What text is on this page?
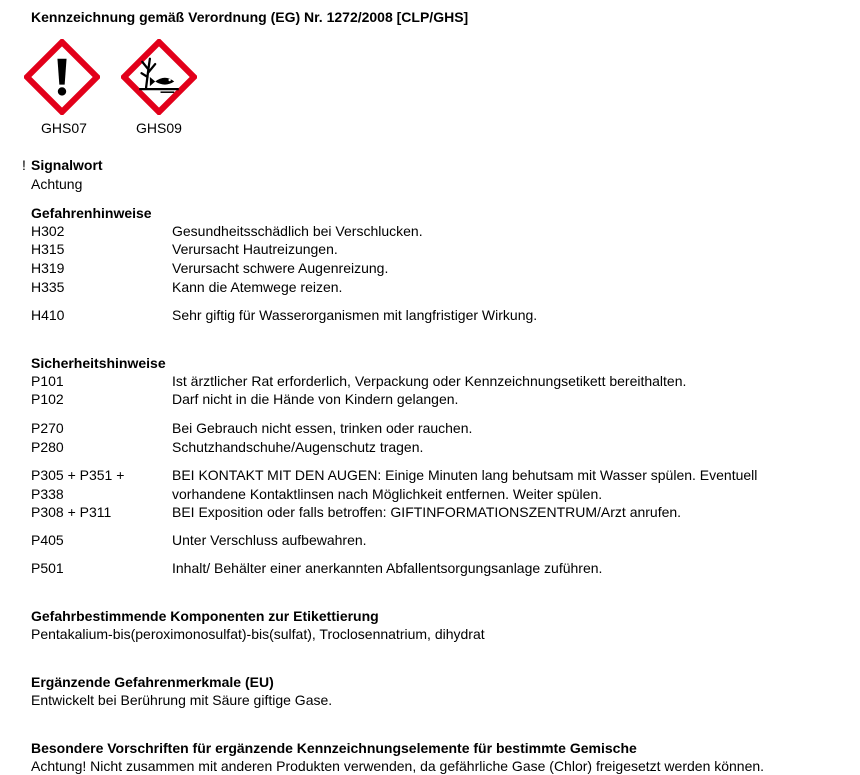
Kennzeichnung gemäß Verordnung (EG) Nr. 1272/2008 [CLP/GHS]
GHS07	GHS09
! Signalwort
Achtung
Gefahrenhinweise
H302	Gesundheitsschädlich bei Verschlucken.
H315	Verursacht Hautreizungen.
H319	Verursacht schwere Augenreizung.
H335	Kann die Atemwege reizen.
H410	Sehr giftig für Wasserorganismen mit langfristiger Wirkung.
Sicherheitshinweise
P101	Ist ärztlicher Rat erforderlich, Verpackung oder Kennzeichnungsetikett bereithalten.
P102	Darf nicht in die Hände von Kindern gelangen.
P270	Bei Gebrauch nicht essen, trinken oder rauchen.
P280	Schutzhandschuhe/Augenschutz tragen.
P305 + P351 +	BEI KONTAKT MIT DEN AUGEN: Einige Minuten lang behutsam mit Wasser spülen. Eventuell
P338	vorhandene Kontaktlinsen nach Möglichkeit entfernen. Weiter spülen.
P308 + P311	BEI Exposition oder falls betroffen: GIFTINFORMATIONSZENTRUM/Arzt anrufen.
P405	Unter Verschluss aufbewahren.
P501	Inhalt/ Behälter einer anerkannten Abfallentsorgungsanlage zuführen.
Gefahrbestimmende Komponenten zur Etikettierung
Pentakalium-bis(peroximonosulfat)-bis(sulfat), Troclosennatrium, dihydrat
Ergänzende Gefahrenmerkmale (EU)
Entwickelt bei Berührung mit Säure giftige Gase.
Besondere Vorschriften für ergänzende Kennzeichnungselemente für bestimmte Gemische
Achtung! Nicht zusammen mit anderen Produkten verwenden, da gefährliche Gase (Chlor) freigesetzt werden können.
